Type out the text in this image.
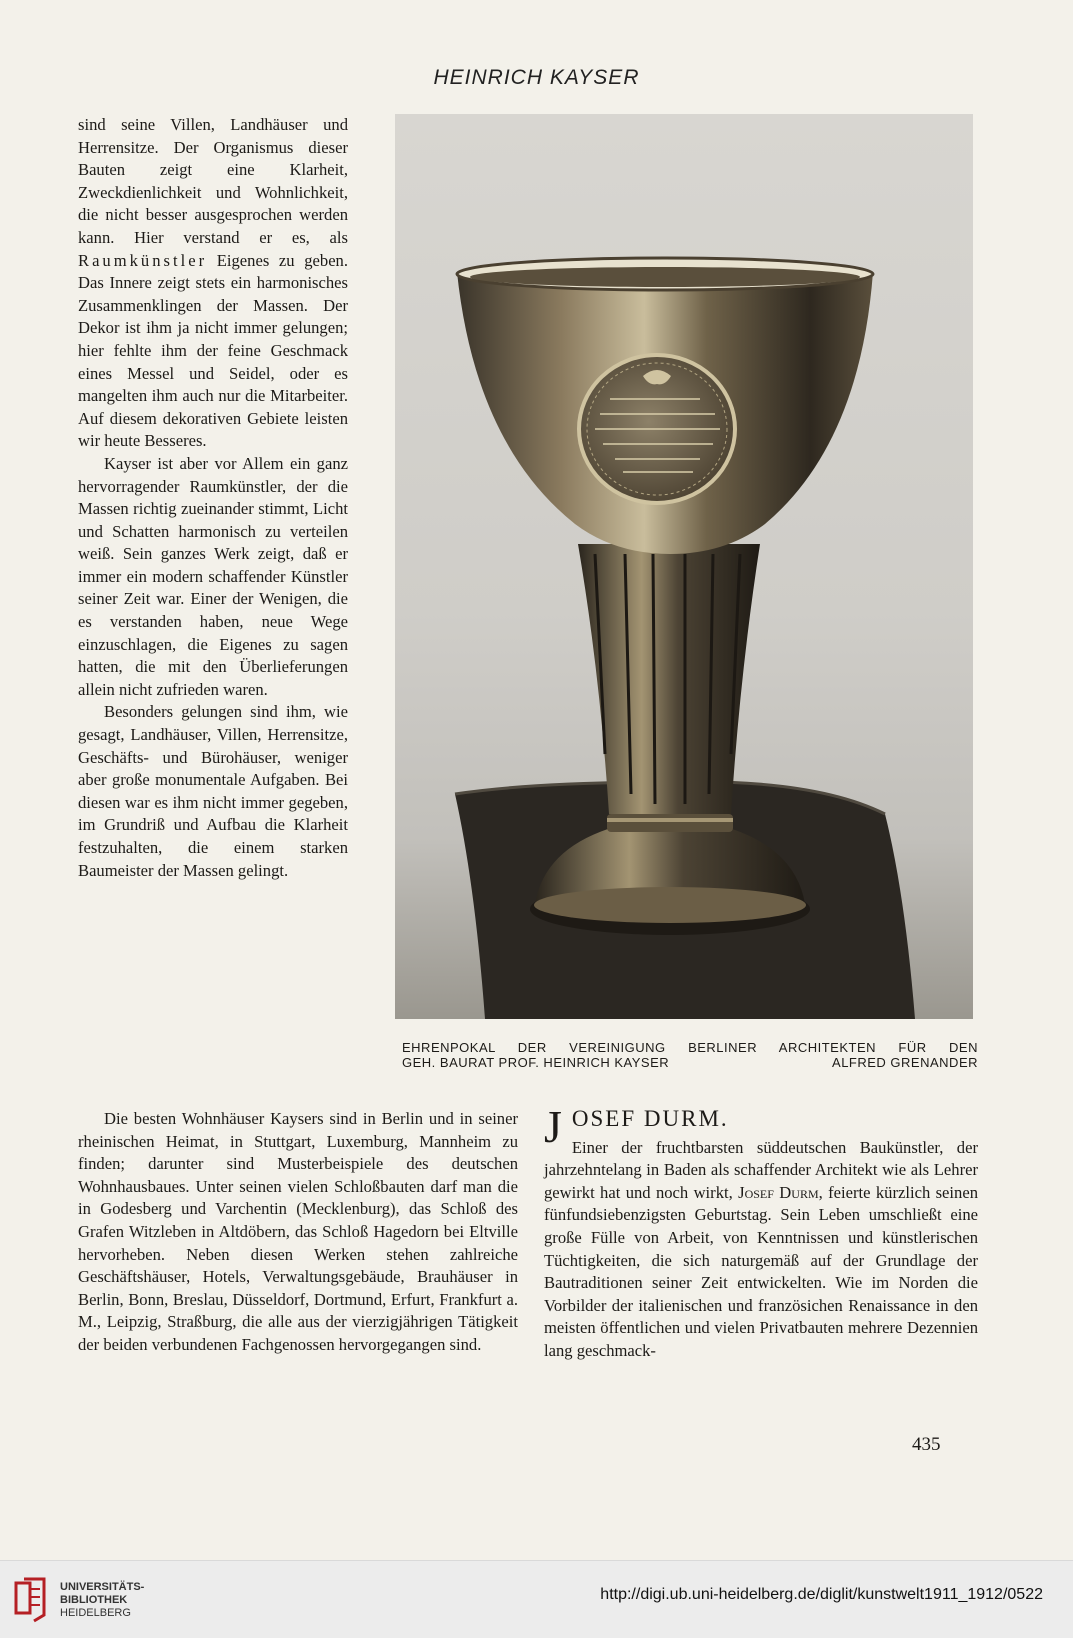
HEINRICH KAYSER

sind seine Villen, Landhäuser und Herrensitze. Der Organismus dieser Bauten zeigt eine Klarheit, Zweckdienlichkeit und Wohnlichkeit, die nicht besser ausgesprochen werden kann. Hier verstand er es, als Raumkünstler Eigenes zu geben. Das Innere zeigt stets ein harmonisches Zusammenklingen der Massen. Der Dekor ist ihm ja nicht immer gelungen; hier fehlte ihm der feine Geschmack eines Messel und Seidel, oder es mangelten ihm auch nur die Mitarbeiter. Auf diesem dekorativen Gebiete leisten wir heute Besseres.

Kayser ist aber vor Allem ein ganz hervorragender Raumkünstler, der die Massen richtig zueinander stimmt, Licht und Schatten harmonisch zu verteilen weiß. Sein ganzes Werk zeigt, daß er immer ein modern schaffender Künstler seiner Zeit war. Einer der Wenigen, die es verstanden haben, neue Wege einzuschlagen, die Eigenes zu sagen hatten, die mit den Überlieferungen allein nicht zufrieden waren.

Besonders gelungen sind ihm, wie gesagt, Landhäuser, Villen, Herrensitze, Geschäfts- und Bürohäuser, weniger aber große monumentale Aufgaben. Bei diesen war es ihm nicht immer gegeben, im Grundriß und Aufbau die Klarheit festzuhalten, die einem starken Baumeister der Massen gelingt.

EHRENPOKAL DER VEREINIGUNG BERLINER ARCHITEKTEN FÜR DEN
GEH. BAURAT PROF. HEINRICH KAYSER	ALFRED GRENANDER

Die besten Wohnhäuser Kaysers sind in Berlin und in seiner rheinischen Heimat, in Stuttgart, Luxemburg, Mannheim zu finden; darunter sind Musterbeispiele des deutschen Wohnhausbaues. Unter seinen vielen Schloßbauten darf man die in Godesberg und Varchentin (Mecklenburg), das Schloß des Grafen Witzleben in Altdöbern, das Schloß Hagedorn bei Eltville hervorheben. Neben diesen Werken stehen zahlreiche Geschäftshäuser, Hotels, Verwaltungsgebäude, Brauhäuser in Berlin, Bonn, Breslau, Düsseldorf, Dortmund, Erfurt, Frankfurt a. M., Leipzig, Straßburg, die alle aus der vierzigjährigen Tätigkeit der beiden verbundenen Fachgenossen hervorgegangen sind.

JOSEF DURM.

Einer der fruchtbarsten süddeutschen Baukünstler, der jahrzehntelang in Baden als schaffender Architekt wie als Lehrer gewirkt hat und noch wirkt, Josef Durm, feierte kürzlich seinen fünfundsiebenzigsten Geburtstag. Sein Leben umschließt eine große Fülle von Arbeit, von Kenntnissen und künstlerischen Tüchtigkeiten, die sich naturgemäß auf der Grundlage der Bautraditionen seiner Zeit entwickelten. Wie im Norden die Vorbilder der italienischen und französichen Renaissance in den meisten öffentlichen und vielen Privatbauten mehrere Dezennien lang geschmack-

435
UNIVERSITÄTS-
BIBLIOTHEK
HEIDELBERG
http://digi.ub.uni-heidelberg.de/diglit/kunstwelt1911_1912/0522
